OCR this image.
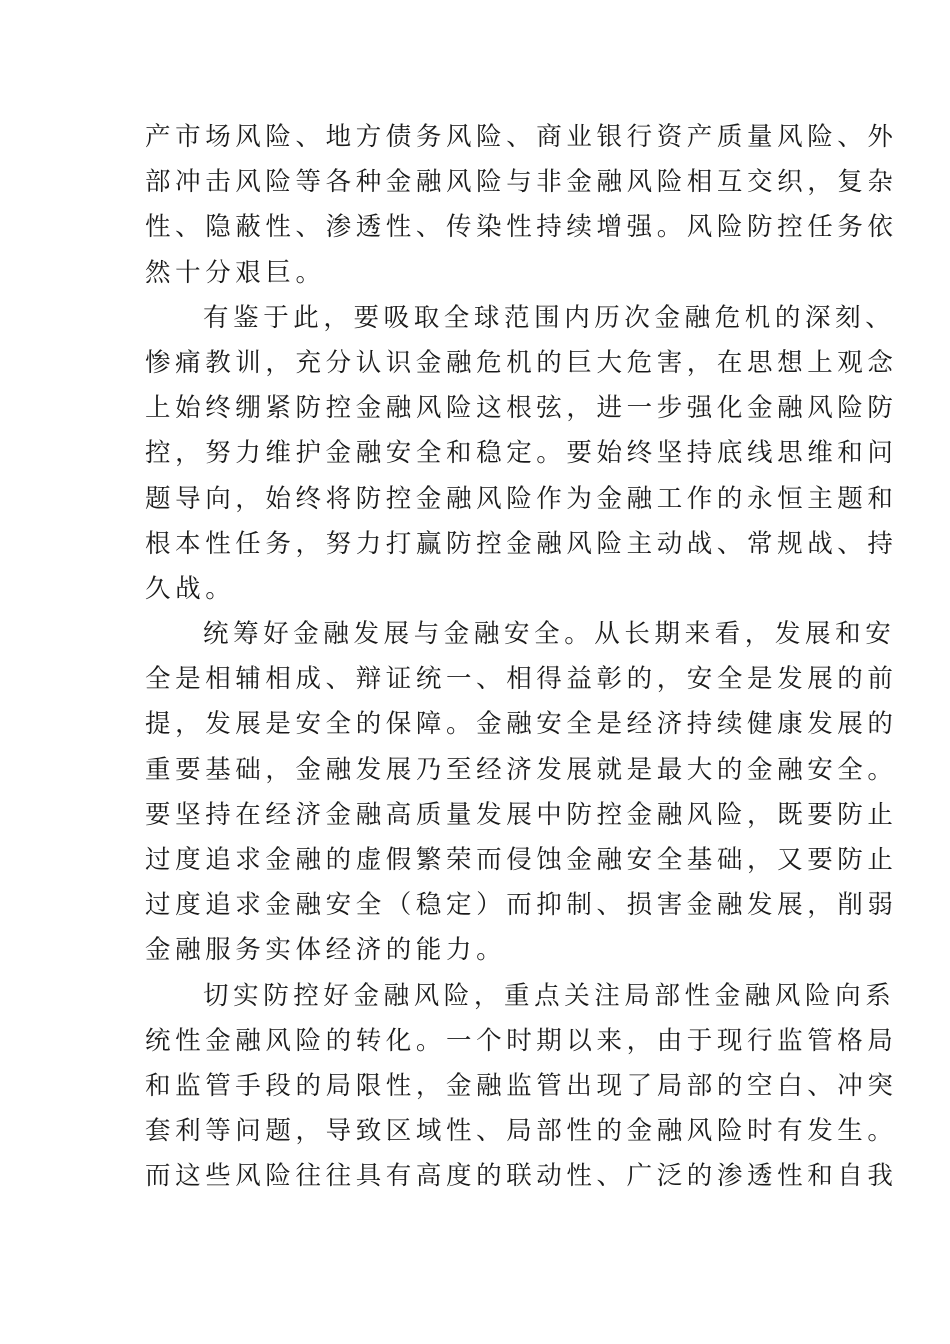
产市场风险、地方债务风险、商业银行资产质量风险、外
部冲击风险等各种金融风险与非金融风险相互交织，复杂
性、隐蔽性、渗透性、传染性持续增强。风险防控任务依
然十分艰巨。
有鉴于此，要吸取全球范围内历次金融危机的深刻、
惨痛教训，充分认识金融危机的巨大危害，在思想上观念
上始终绷紧防控金融风险这根弦，进一步强化金融风险防
控，努力维护金融安全和稳定。要始终坚持底线思维和问
题导向，始终将防控金融风险作为金融工作的永恒主题和
根本性任务，努力打赢防控金融风险主动战、常规战、持
久战。
统筹好金融发展与金融安全。从长期来看，发展和安
全是相辅相成、辩证统一、相得益彰的，安全是发展的前
提，发展是安全的保障。金融安全是经济持续健康发展的
重要基础，金融发展乃至经济发展就是最大的金融安全。
要坚持在经济金融高质量发展中防控金融风险，既要防止
过度追求金融的虚假繁荣而侵蚀金融安全基础，又要防止
过度追求金融安全（稳定）而抑制、损害金融发展，削弱
金融服务实体经济的能力。
切实防控好金融风险，重点关注局部性金融风险向系
统性金融风险的转化。一个时期以来，由于现行监管格局
和监管手段的局限性，金融监管出现了局部的空白、冲突
套利等问题，导致区域性、局部性的金融风险时有发生。
而这些风险往往具有高度的联动性、广泛的渗透性和自我
